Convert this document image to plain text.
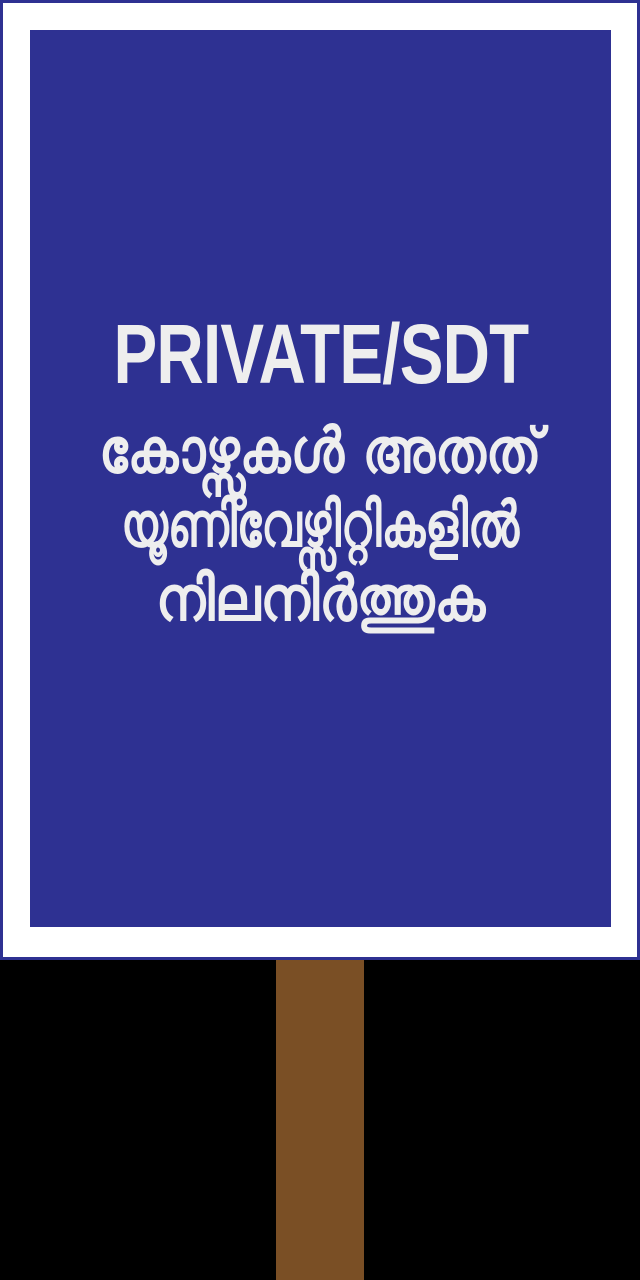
PRIVATE/SDT
കോഴ്സുകൾ അതത്
യൂണിവേഴ്സിറ്റികളിൽ
നിലനിർത്തുക
